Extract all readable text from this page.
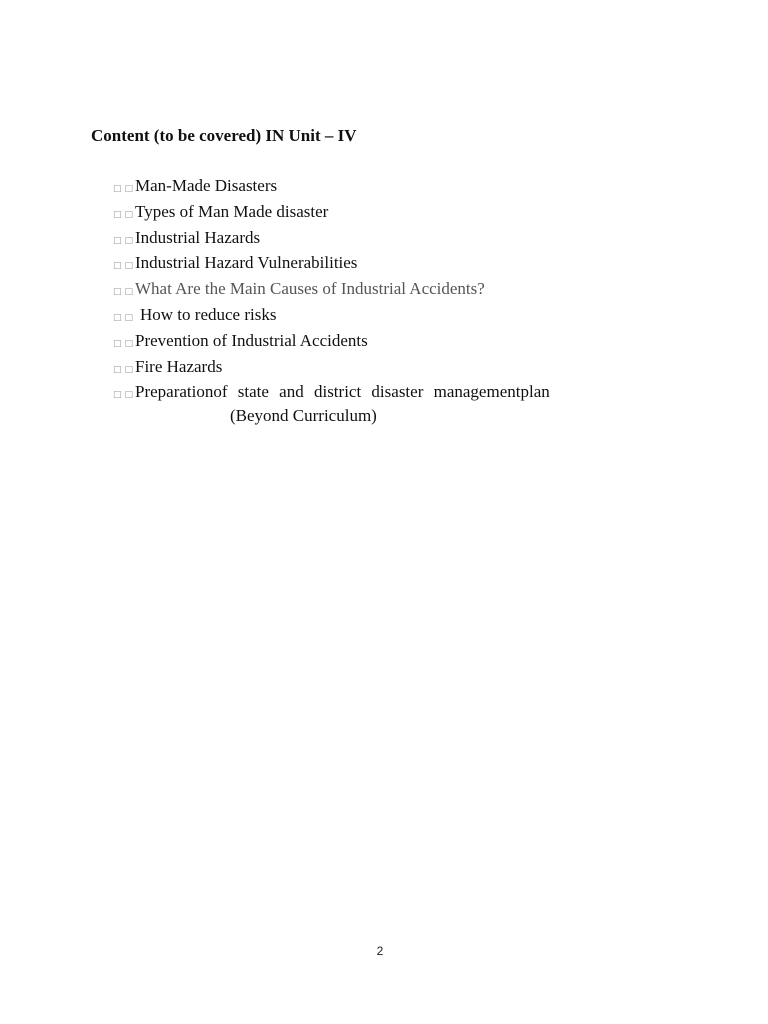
Content (to be covered) IN Unit – IV
□□
Man-Made Disasters
□□
Types of Man Made disaster
□□
Industrial Hazards
□□
Industrial Hazard Vulnerabilities
□□
What Are the Main Causes of Industrial Accidents?
□□ How to reduce risks
□□
Prevention of Industrial Accidents
□□
Fire Hazards
□□
Preparationof state and district disaster managementplan
(Beyond Curriculum)
2
